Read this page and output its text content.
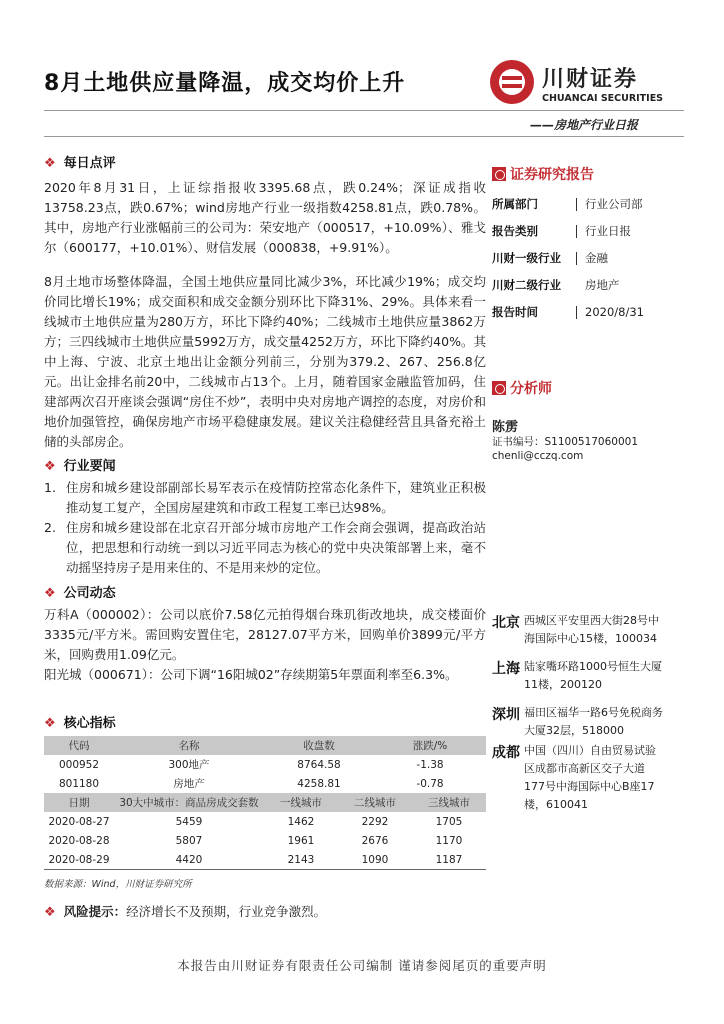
8月土地供应量降温，成交均价上升	川财证券
CHUANCAI SECURITIES
——房地产行业日报
❖ 每日点评
2020年8月31日，上证综指报收3395.68点，跌0.24%；深证成指收13758.23点，跌0.67%；wind房地产行业一级指数4258.81点，跌0.78%。其中，房地产行业涨幅前三的公司为：荣安地产（000517，+10.09%）、雅戈尔（600177，+10.01%）、财信发展（000838，+9.91%）。
8月土地市场整体降温，全国土地供应量同比减少3%，环比减少19%；成交均价同比增长19%；成交面积和成交金额分别环比下降31%、29%。具体来看一线城市土地供应量为280万方，环比下降约40%；二线城市土地供应量3862万方；三四线城市土地供应量5992万方，成交量4252万方，环比下降约40%。其中上海、宁波、北京土地出让金额分列前三，分别为379.2、267、256.8亿元。出让金排名前20中，二线城市占13个。上月，随着国家金融监管加码，住建部两次召开座谈会强调“房住不炒”，表明中央对房地产调控的态度，对房价和地价加强管控，确保房地产市场平稳健康发展。建议关注稳健经营且具备充裕土储的头部房企。
❖ 行业要闻
1. 住房和城乡建设部副部长易军表示在疫情防控常态化条件下，建筑业正积极推动复工复产，全国房屋建筑和市政工程复工率已达98%。
2. 住房和城乡建设部在北京召开部分城市房地产工作会商会强调，提高政治站位，把思想和行动统一到以习近平同志为核心的党中央决策部署上来，毫不动摇坚持房子是用来住的、不是用来炒的定位。
❖ 公司动态
万科A（000002）：公司以底价7.58亿元拍得烟台珠玑街改地块，成交楼面价3335元/平方米。需回购安置住宅，28127.07平方米，回购单价3899元/平方米，回购费用1.09亿元。
阳光城（000671）：公司下调“16阳城02”存续期第5年票面利率至6.3%。
❖ 核心指标
代码	名称	收盘数	涨跌/%
000952	300地产	8764.58	-1.38
801180	房地产	4258.81	-0.78
日期	30大中城市：商品房成交套数	一线城市	二线城市	三线城市
2020-08-27	5459	1462	2292	1705
2020-08-28	5807	1961	2676	1170
2020-08-29	4420	2143	1090	1187
数据来源：Wind，川财证券研究所
❖ 风险提示：经济增长不及预期，行业竞争激烈。
证券研究报告
所属部门	行业公司部
报告类别	行业日报
川财一级行业	金融
川财二级行业	房地产
报告时间	2020/8/31
分析师
陈雳
证书编号：S1100517060001
chenli@cczq.com
北京 西城区平安里西大街28号中海国际中心15楼，100034
上海 陆家嘴环路1000号恒生大厦11楼，200120
深圳 福田区福华一路6号免税商务大厦32层，518000
成都 中国（四川）自由贸易试验区成都市高新区交子大道177号中海国际中心B座17楼，610041
本报告由川财证券有限责任公司编制 谨请参阅尾页的重要声明
